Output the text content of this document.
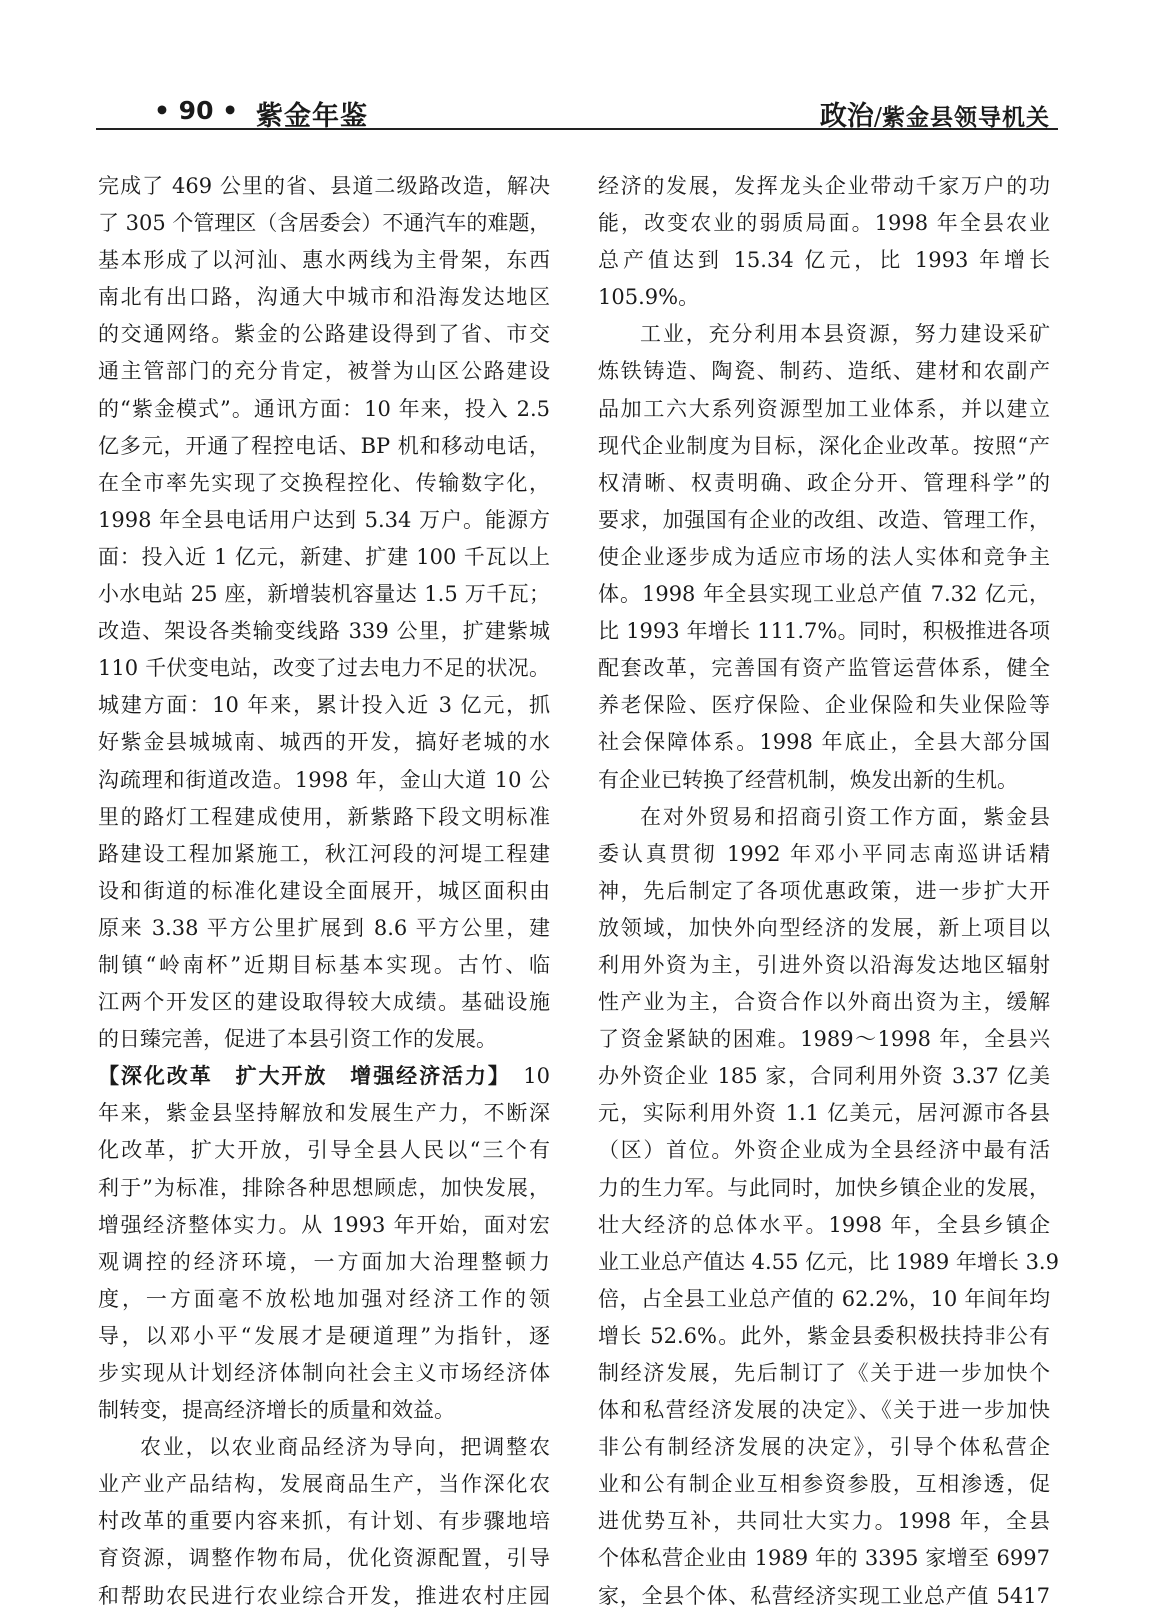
• 90 • 紫金年鉴	政治/紫金县领导机关
完成了 469 公里的省、县道二级路改造，解决
了 305 个管理区（含居委会）不通汽车的难题，
基本形成了以河汕、惠水两线为主骨架，东西
南北有出口路，沟通大中城市和沿海发达地区
的交通网络。紫金的公路建设得到了省、市交
通主管部门的充分肯定，被誉为山区公路建设
的“紫金模式”。通讯方面：10 年来，投入 2.5
亿多元，开通了程控电话、BP 机和移动电话，
在全市率先实现了交换程控化、传输数字化，
1998 年全县电话用户达到 5.34 万户。能源方
面：投入近 1 亿元，新建、扩建 100 千瓦以上
小水电站 25 座，新增装机容量达 1.5 万千瓦；
改造、架设各类输变线路 339 公里，扩建紫城
110 千伏变电站，改变了过去电力不足的状况。
城建方面：10 年来，累计投入近 3 亿元，抓
好紫金县城城南、城西的开发，搞好老城的水
沟疏理和街道改造。1998 年，金山大道 10 公
里的路灯工程建成使用，新紫路下段文明标准
路建设工程加紧施工，秋江河段的河堤工程建
设和街道的标准化建设全面展开，城区面积由
原来 3.38 平方公里扩展到 8.6 平方公里，建
制镇“岭南杯”近期目标基本实现。古竹、临
江两个开发区的建设取得较大成绩。基础设施
的日臻完善，促进了本县引资工作的发展。
【深化改革　扩大开放　增强经济活力】　10
年来，紫金县坚持解放和发展生产力，不断深
化改革，扩大开放，引导全县人民以“三个有
利于”为标准，排除各种思想顾虑，加快发展，
增强经济整体实力。从 1993 年开始，面对宏
观调控的经济环境，一方面加大治理整顿力
度，一方面毫不放松地加强对经济工作的领
导，以邓小平“发展才是硬道理”为指针，逐
步实现从计划经济体制向社会主义市场经济体
制转变，提高经济增长的质量和效益。
农业，以农业商品经济为导向，把调整农
业产业产品结构，发展商品生产，当作深化农
村改革的重要内容来抓，有计划、有步骤地培
育资源，调整作物布局，优化资源配置，引导
和帮助农民进行农业综合开发，推进农村庄园
经济的发展，发挥龙头企业带动千家万户的功
能，改变农业的弱质局面。1998 年全县农业
总产值达到 15.34 亿元，比 1993 年增长
105.9%。
工业，充分利用本县资源，努力建设采矿
炼铁铸造、陶瓷、制药、造纸、建材和农副产
品加工六大系列资源型加工业体系，并以建立
现代企业制度为目标，深化企业改革。按照“产
权清晰、权责明确、政企分开、管理科学”的
要求，加强国有企业的改组、改造、管理工作，
使企业逐步成为适应市场的法人实体和竞争主
体。1998 年全县实现工业总产值 7.32 亿元，
比 1993 年增长 111.7%。同时，积极推进各项
配套改革，完善国有资产监管运营体系，健全
养老保险、医疗保险、企业保险和失业保险等
社会保障体系。1998 年底止，全县大部分国
有企业已转换了经营机制，焕发出新的生机。
在对外贸易和招商引资工作方面，紫金县
委认真贯彻 1992 年邓小平同志南巡讲话精
神，先后制定了各项优惠政策，进一步扩大开
放领域，加快外向型经济的发展，新上项目以
利用外资为主，引进外资以沿海发达地区辐射
性产业为主，合资合作以外商出资为主，缓解
了资金紧缺的困难。1989～1998 年，全县兴
办外资企业 185 家，合同利用外资 3.37 亿美
元，实际利用外资 1.1 亿美元，居河源市各县
（区）首位。外资企业成为全县经济中最有活
力的生力军。与此同时，加快乡镇企业的发展，
壮大经济的总体水平。1998 年，全县乡镇企
业工业总产值达 4.55 亿元，比 1989 年增长 3.9
倍，占全县工业总产值的 62.2%，10 年间年均
增长 52.6%。此外，紫金县委积极扶持非公有
制经济发展，先后制订了《关于进一步加快个
体和私营经济发展的决定》、《关于进一步加快
非公有制经济发展的决定》，引导个体私营企
业和公有制企业互相参资参股，互相渗透，促
进优势互补，共同壮大实力。1998 年，全县
个体私营企业由 1989 年的 3395 家增至 6997
家，全县个体、私营经济实现工业总产值 5417
